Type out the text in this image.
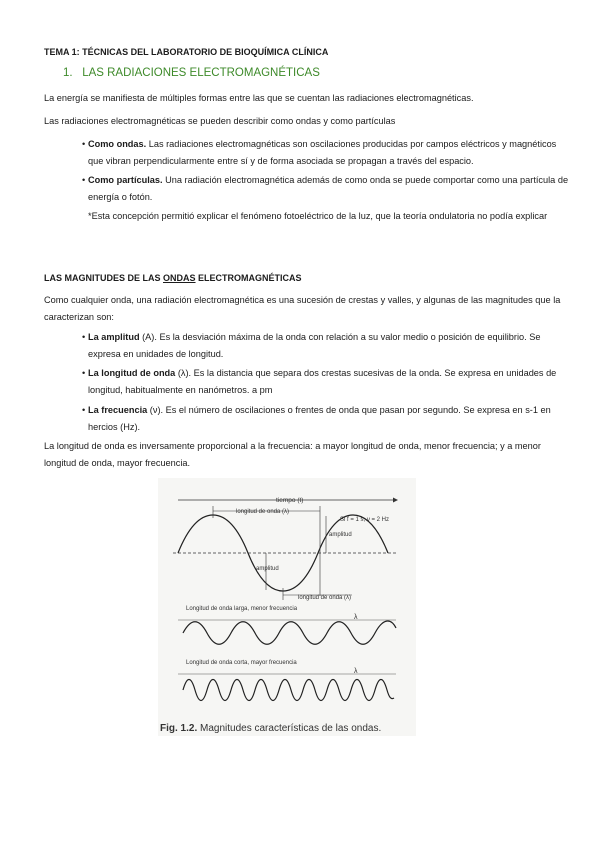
TEMA 1: TÉCNICAS DEL LABORATORIO DE BIOQUÍMICA CLÍNICA
1. LAS RADIACIONES ELECTROMAGNÉTICAS

La energía se manifiesta de múltiples formas entre las que se cuentan las radiaciones electromagnéticas.

Las radiaciones electromagnéticas se pueden describir como ondas y como partículas

• Como ondas. Las radiaciones electromagnéticas son oscilaciones producidas por campos eléctricos y magnéticos que vibran perpendicularmente entre sí y de forma asociada se propagan a través del espacio.

• Como partículas. Una radiación electromagnética además de como onda se puede comportar como una partícula de energía o fotón.

*Esta concepción permitió explicar el fenómeno fotoeléctrico de la luz, que la teoría ondulatoria no podía explicar

LAS MAGNITUDES DE LAS ONDAS ELECTROMAGNÉTICAS

Como cualquier onda, una radiación electromagnética es una sucesión de crestas y valles, y algunas de las magnitudes que la caracterizan son:

• La amplitud (A). Es la desviación máxima de la onda con relación a su valor medio o posición de equilibrio. Se expresa en unidades de longitud.

• La longitud de onda (λ). Es la distancia que separa dos crestas sucesivas de la onda. Se expresa en unidades de longitud, habitualmente en nanómetros. a pm

• La frecuencia (ν). Es el número de oscilaciones o frentes de onda que pasan por segundo. Se expresa en s-1 en hercios (Hz).

La longitud de onda es inversamente proporcional a la frecuencia: a mayor longitud de onda, menor frecuencia; y a menor longitud de onda, mayor frecuencia.

tiempo (t)
longitud de onda (λ)
Si f = 1 s, ν = 2 Hz
amplitud
amplitud
longitud de onda (λ)
Longitud de onda larga, menor frecuencia
λ
Longitud de onda corta, mayor frecuencia
λ
Fig. 1.2. Magnitudes características de las ondas.
